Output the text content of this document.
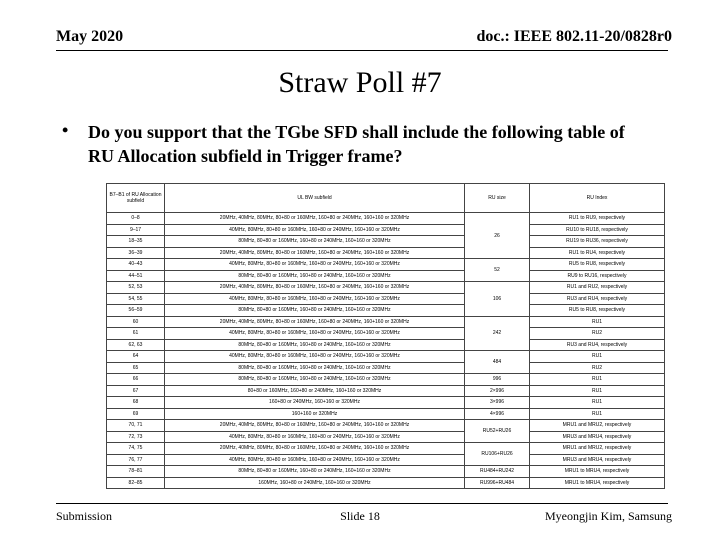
May 2020	doc.: IEEE 802.11-20/0828r0
Straw Poll #7
• Do you support that the TGbe SFD shall include the following table of RU Allocation subfield in Trigger frame?
B7–B1 of RU Allocation subfield	UL BW subfield	RU size	RU Index
0–8	20MHz, 40MHz, 80MHz, 80+80 or 160MHz, 160+80 or 240MHz, 160+160 or 320MHz	26	RU1 to RU9, respectively
9–17	40MHz, 80MHz, 80+80 or 160MHz, 160+80 or 240MHz, 160+160 or 320MHz		RU10 to RU18, respectively
18–35	80MHz, 80+80 or 160MHz, 160+80 or 240MHz, 160+160 or 320MHz		RU19 to RU36, respectively
36–39	20MHz, 40MHz, 80MHz, 80+80 or 160MHz, 160+80 or 240MHz, 160+160 or 320MHz		RU1 to RU4, respectively
40–43	40MHz, 80MHz, 80+80 or 160MHz, 160+80 or 240MHz, 160+160 or 320MHz	52	RU5 to RU8, respectively
44–51	80MHz, 80+80 or 160MHz, 160+80 or 240MHz, 160+160 or 320MHz		RU9 to RU16, respectively
52, 53	20MHz, 40MHz, 80MHz, 80+80 or 160MHz, 160+80 or 240MHz, 160+160 or 320MHz	106	RU1 and RU2, respectively
54, 55	40MHz, 80MHz, 80+80 or 160MHz, 160+80 or 240MHz, 160+160 or 320MHz		RU3 and RU4, respectively
56–59	80MHz, 80+80 or 160MHz, 160+80 or 240MHz, 160+160 or 320MHz		RU5 to RU8, respectively
60	20MHz, 40MHz, 80MHz, 80+80 or 160MHz, 160+80 or 240MHz, 160+160 or 320MHz	242	RU1
61	40MHz, 80MHz, 80+80 or 160MHz, 160+80 or 240MHz, 160+160 or 320MHz		RU2
62, 63	80MHz, 80+80 or 160MHz, 160+80 or 240MHz, 160+160 or 320MHz		RU3 and RU4, respectively
64	40MHz, 80MHz, 80+80 or 160MHz, 160+80 or 240MHz, 160+160 or 320MHz	484	RU1
65	80MHz, 80+80 or 160MHz, 160+80 or 240MHz, 160+160 or 320MHz		RU2
66	80MHz, 80+80 or 160MHz, 160+80 or 240MHz, 160+160 or 320MHz	996	RU1
67	80+80 or 160MHz, 160+80 or 240MHz, 160+160 or 320MHz	2×996	RU1
68	160+80 or 240MHz, 160+160 or 320MHz	3×996	RU1
69	160+160 or 320MHz	4×996	RU1
70, 71	20MHz, 40MHz, 80MHz, 80+80 or 160MHz, 160+80 or 240MHz, 160+160 or 320MHz	RU52+RU26	MRU1 and MRU2, respectively
72, 73	40MHz, 80MHz, 80+80 or 160MHz, 160+80 or 240MHz, 160+160 or 320MHz		MRU3 and MRU4, respectively
74, 75	20MHz, 40MHz, 80MHz, 80+80 or 160MHz, 160+80 or 240MHz, 160+160 or 320MHz	RU106+RU26	MRU1 and MRU2, respectively
76, 77	40MHz, 80MHz, 80+80 or 160MHz, 160+80 or 240MHz, 160+160 or 320MHz		MRU3 and MRU4, respectively
78–81	80MHz, 80+80 or 160MHz, 160+80 or 240MHz, 160+160 or 320MHz	RU484+RU242	MRU1 to MRU4, respectively
82–85	160MHz, 160+80 or 240MHz, 160+160 or 320MHz	RU996+RU484	MRU1 to MRU4, respectively
Submission	Slide 18	Myeongjin Kim, Samsung
